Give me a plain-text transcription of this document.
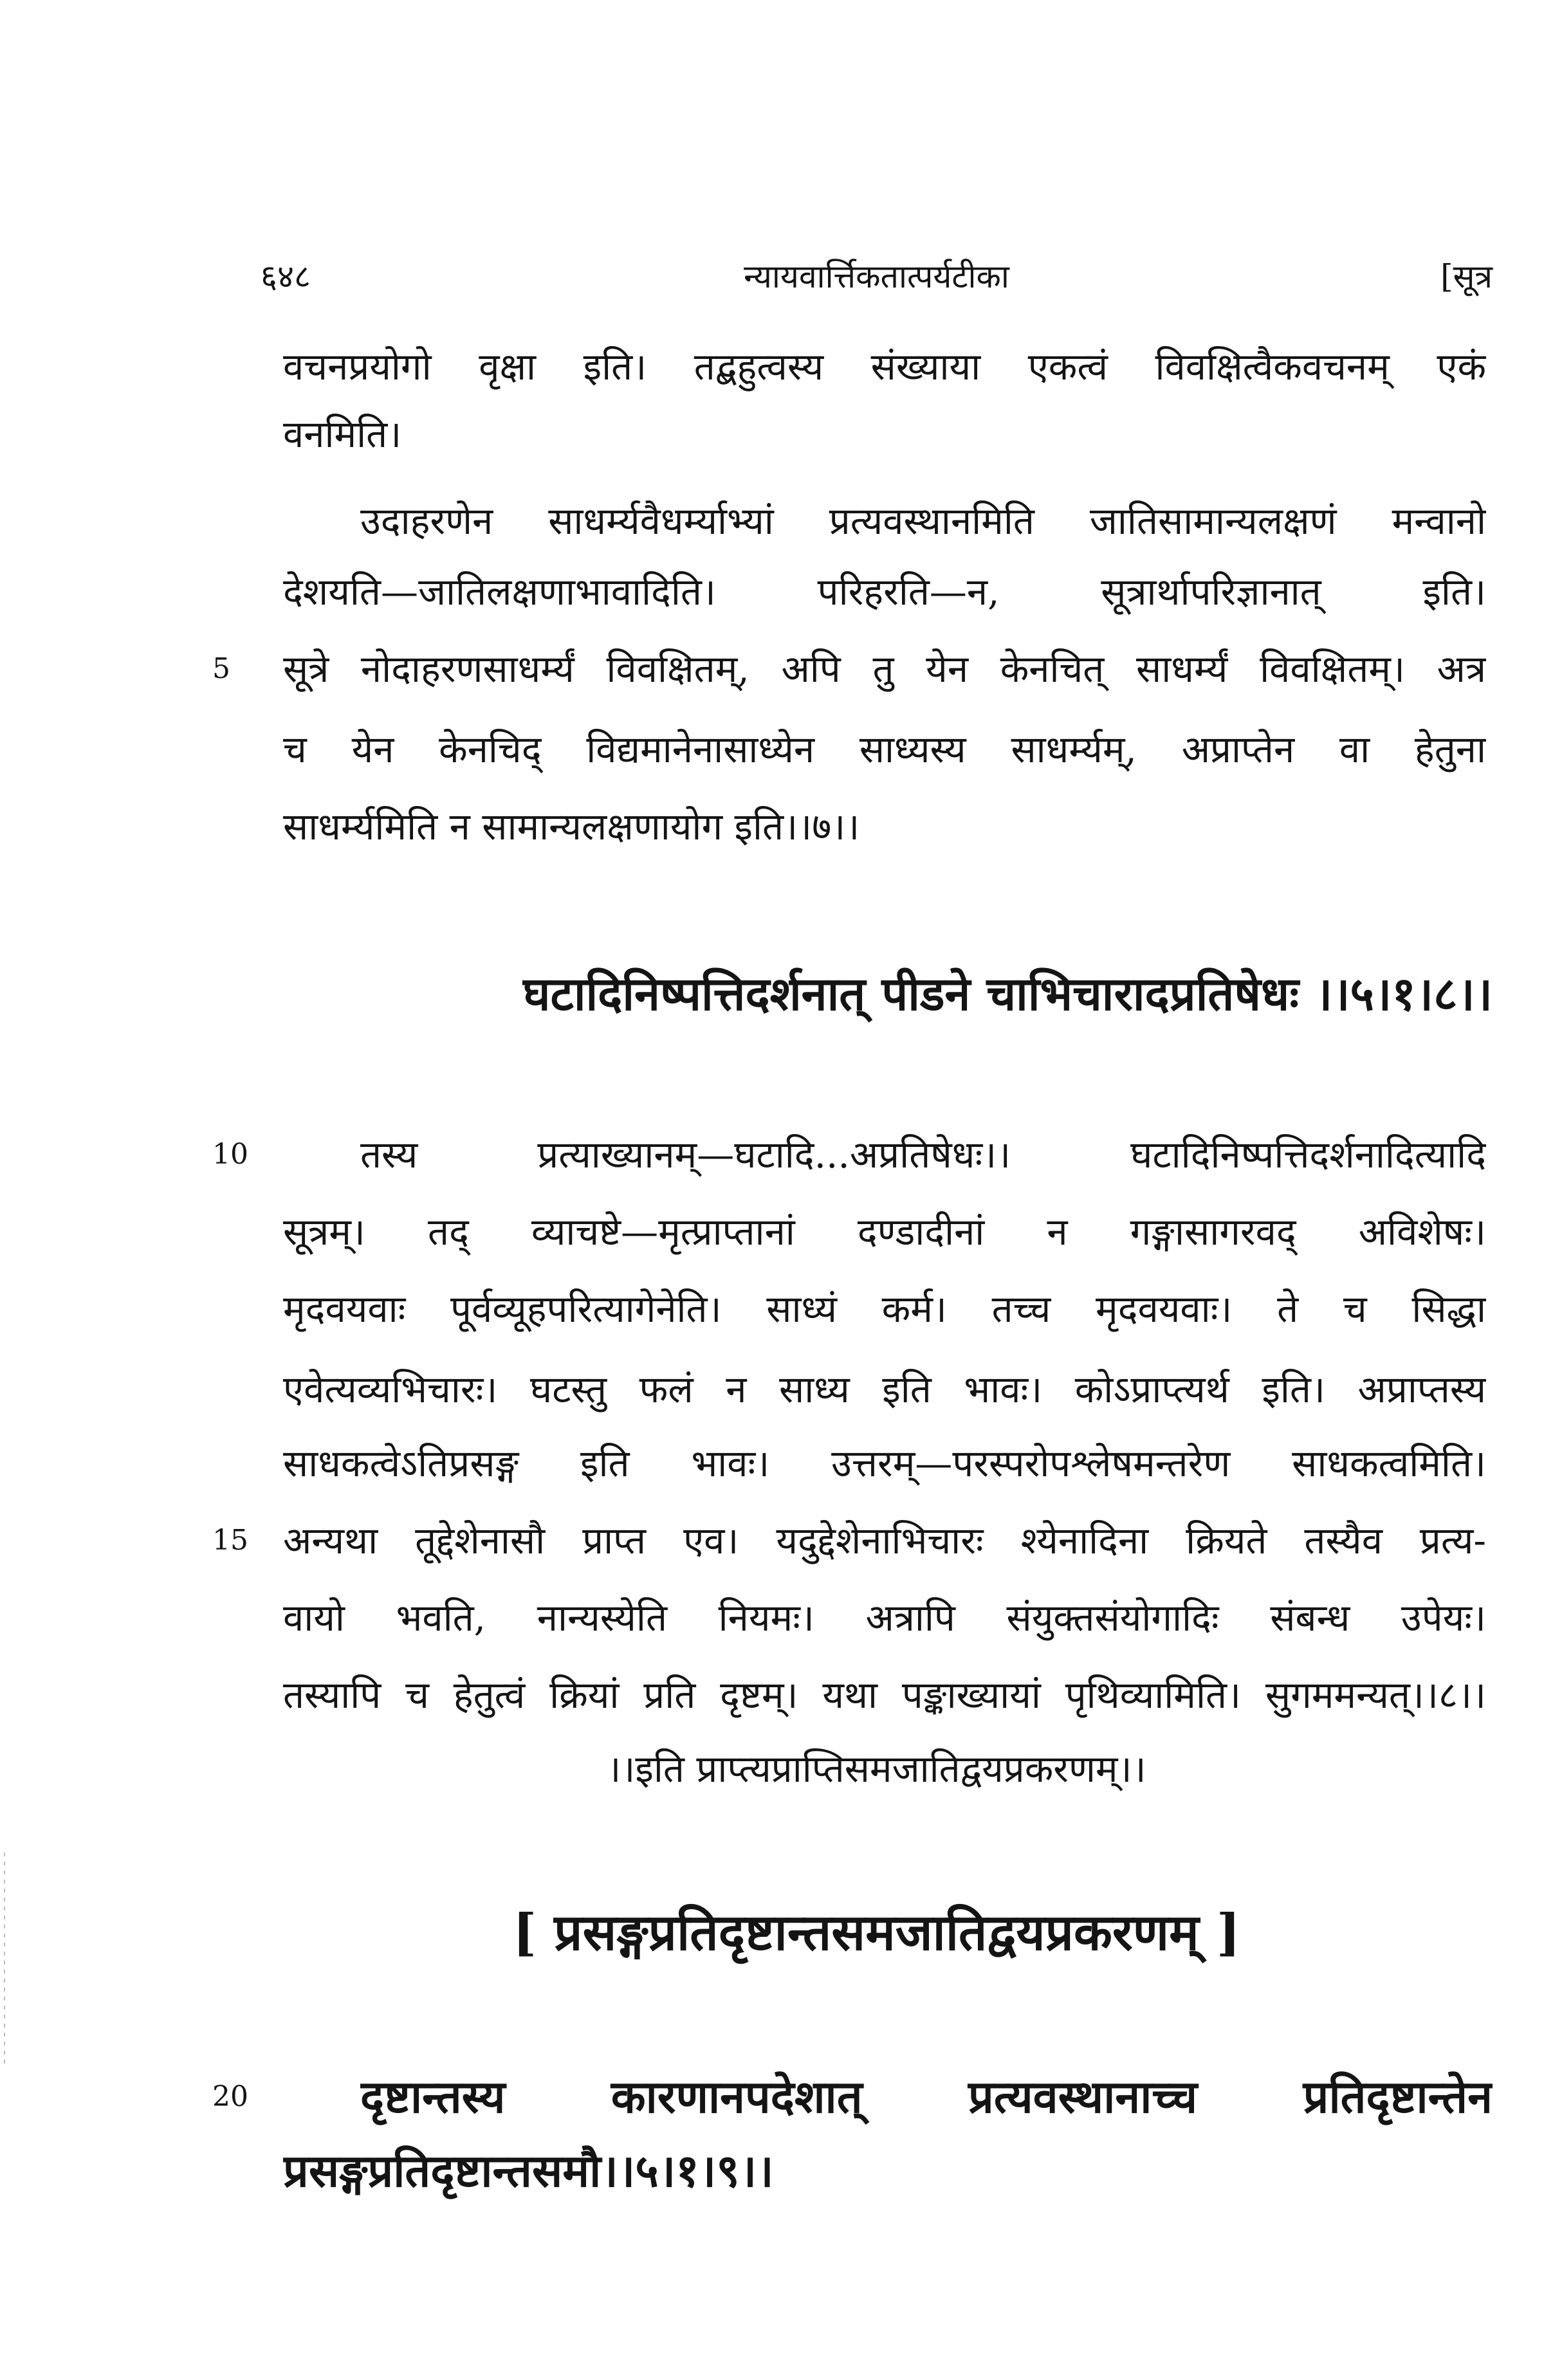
६४८	न्यायवार्त्तिकतात्पर्यटीका	[सूत्र
वचनप्रयोगो वृक्षा इति। तद्बहुत्वस्य संख्याया एकत्वं विवक्षित्वैकवचनम् एकं
वनमिति।
उदाहरणेन साधर्म्यवैधर्म्याभ्यां प्रत्यवस्थानमिति जातिसामान्यलक्षणं मन्वानो
देशयति—जातिलक्षणाभावादिति। परिहरति—न, सूत्रार्थापरिज्ञानात् इति।
5	सूत्रे नोदाहरणसाधर्म्यं विवक्षितम्, अपि तु येन केनचित् साधर्म्यं विवक्षितम्। अत्र
च येन केनचिद् विद्यमानेनासाध्येन साध्यस्य साधर्म्यम्, अप्राप्तेन वा हेतुना
साधर्म्यमिति न सामान्यलक्षणायोग इति।।७।।
घटादिनिष्पत्तिदर्शनात् पीडने चाभिचारादप्रतिषेधः ।।५।१।८।।
10	तस्य प्रत्याख्यानम्—घटादि...अप्रतिषेधः।। घटादिनिष्पत्तिदर्शनादित्यादि
सूत्रम्। तद् व्याचष्टे—मृत्प्राप्तानां दण्डादीनां न गङ्गासागरवद् अविशेषः।
मृदवयवाः पूर्वव्यूहपरित्यागेनेति। साध्यं कर्म। तच्च मृदवयवाः। ते च सिद्धा
एवेत्यव्यभिचारः। घटस्तु फलं न साध्य इति भावः। कोऽप्राप्त्यर्थ इति। अप्राप्तस्य
साधकत्वेऽतिप्रसङ्ग इति भावः। उत्तरम्—परस्परोपश्लेषमन्तरेण साधकत्वमिति।
15 अन्यथा तूद्देशेनासौ प्राप्त एव। यदुद्देशेनाभिचारः श्येनादिना क्रियते तस्यैव प्रत्य-
वायो भवति, नान्यस्येति नियमः। अत्रापि संयुक्तसंयोगादिः संबन्ध उपेयः।
तस्यापि च हेतुत्वं क्रियां प्रति दृष्टम्। यथा पङ्काख्यायां पृथिव्यामिति। सुगममन्यत्।।८।।
।।इति प्राप्त्यप्राप्तिसमजातिद्वयप्रकरणम्।।
[ प्रसङ्गप्रतिदृष्टान्तसमजातिद्वयप्रकरणम् ]
20	दृष्टान्तस्य कारणानपदेशात् प्रत्यवस्थानाच्च प्रतिदृष्टान्तेन
प्रसङ्गप्रतिदृष्टान्तसमौ।।५।१।९।।
